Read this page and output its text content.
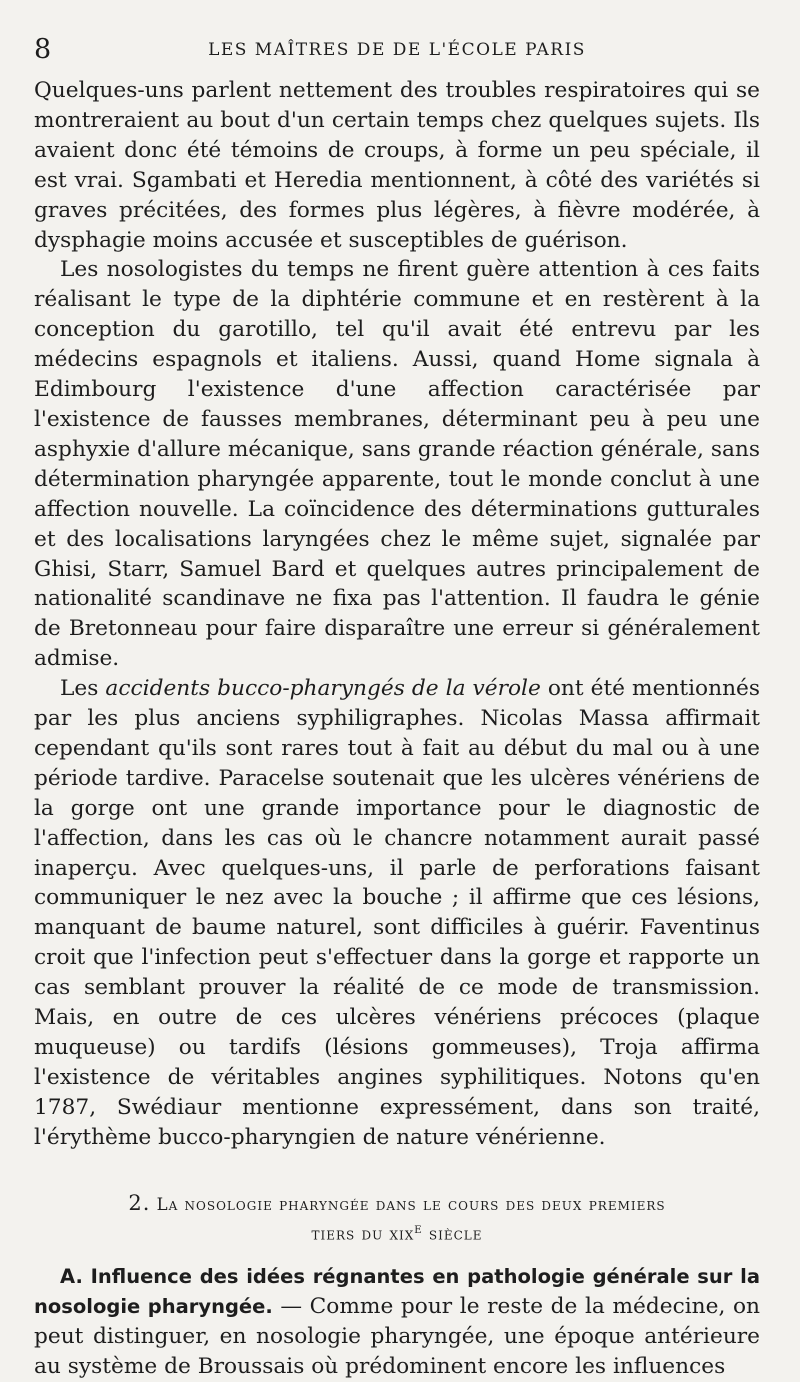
8	LES MAÎTRES DE DE L'ÉCOLE PARIS

Quelques-uns parlent nettement des troubles respiratoires qui se montreraient au bout d'un certain temps chez quelques sujets. Ils avaient donc été témoins de croups, à forme un peu spéciale, il est vrai. Sgambati et Heredia mentionnent, à côté des variétés si graves précitées, des formes plus légères, à fièvre modérée, à dysphagie moins accusée et susceptibles de guérison.

Les nosologistes du temps ne firent guère attention à ces faits réalisant le type de la diphtérie commune et en restèrent à la conception du garotillo, tel qu'il avait été entrevu par les médecins espagnols et italiens. Aussi, quand Home signala à Edimbourg l'existence d'une affection caractérisée par l'existence de fausses membranes, déterminant peu à peu une asphyxie d'allure mécanique, sans grande réaction générale, sans détermination pharyngée apparente, tout le monde conclut à une affection nouvelle. La coïncidence des déterminations gutturales et des localisations laryngées chez le même sujet, signalée par Ghisi, Starr, Samuel Bard et quelques autres principalement de nationalité scandinave ne fixa pas l'attention. Il faudra le génie de Bretonneau pour faire disparaître une erreur si généralement admise.

Les accidents bucco-pharyngés de la vérole ont été mentionnés par les plus anciens syphiligraphes. Nicolas Massa affirmait cependant qu'ils sont rares tout à fait au début du mal ou à une période tardive. Paracelse soutenait que les ulcères vénériens de la gorge ont une grande importance pour le diagnostic de l'affection, dans les cas où le chancre notamment aurait passé inaperçu. Avec quelques-uns, il parle de perforations faisant communiquer le nez avec la bouche ; il affirme que ces lésions, manquant de baume naturel, sont difficiles à guérir. Faventinus croit que l'infection peut s'effectuer dans la gorge et rapporte un cas semblant prouver la réalité de ce mode de transmission. Mais, en outre de ces ulcères vénériens précoces (plaque muqueuse) ou tardifs (lésions gommeuses), Troja affirma l'existence de véritables angines syphilitiques. Notons qu'en 1787, Swédiaur mentionne expressément, dans son traité, l'érythème bucco-pharyngien de nature vénérienne.

2. La nosologie pharyngée dans le cours des deux premiers
tiers du xix$^e$ siècle

A. Influence des idées régnantes en pathologie générale sur la nosologie pharyngée. — Comme pour le reste de la médecine, on peut distinguer, en nosologie pharyngée, une époque antérieure au système de Broussais où prédominent encore les influences
